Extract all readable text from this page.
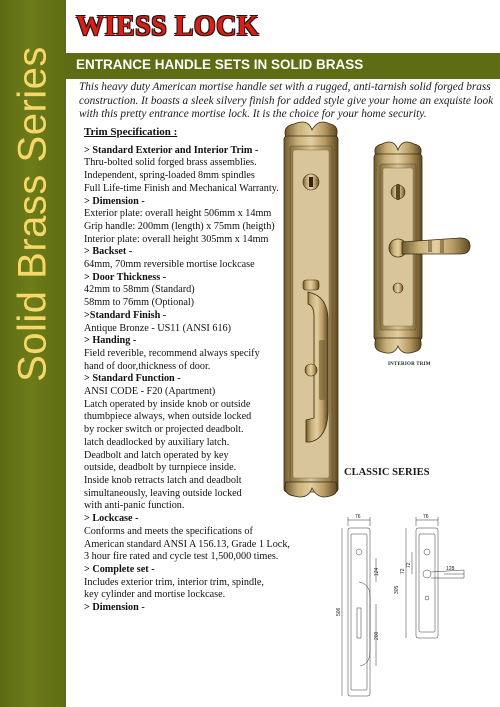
Solid Brass Series
WIESS LOCK
ENTRANCE HANDLE SETS IN SOLID BRASS
This heavy duty American mortise handle set with a rugged, anti-tarnish solid forged brass
construction. It boasts a sleek silvery finish for added style give your home an exquiste look
with this pretty entrance mortise lock. It is the choice for your home security.
Trim Specification :
> Standard Exterior and Interior Trim -
Thru-bolted solid forged brass assemblies.
Independent, spring-loaded 8mm spindles
Full Life-time Finish and Mechanical Warranty.
> Dimension -
Exterior plate: overall height 506mm x 14mm
Grip handle: 200mm (length) x 75mm (heigth)
Interior plate: overall height 305mm x 14mm
> Backset -
64mm, 70mm reversible mortise lockcase
> Door Thickness -
42mm to 58mm (Standard)
58mm to 76mm (Optional)
>Standard Finish -
Antique Bronze - US11 (ANSI 616)
> Handing -
Field reverible, recommend always specify
hand of door,thickness of door.
> Standard Function -
ANSI CODE - F20 (Apartment)
Latch operated by inside knob or outside
thumbpiece always, when outside locked
by rocker switch or projected deadbolt.
latch deadlocked by auxiliary latch.
Deadbolt and latch operated by key
outside, deadbolt by turnpiece inside.
Inside knob retracts latch and deadbolt
simultaneously, leaving outside locked
with anti-panic function.
> Lockcase -
Conforms and meets the specifications of
American standard ANSI A 156.13, Grade 1 Lock,
3 hour fire rated and cycle test 1,500,000 times.
> Complete set -
Includes exterior trim, interior trim, spindle,
key cylinder and mortise lockcase.
> Dimension -
INTERIOR TRIM
CLASSIC SERIES
76	76
128
506
124
200
72
72
305
